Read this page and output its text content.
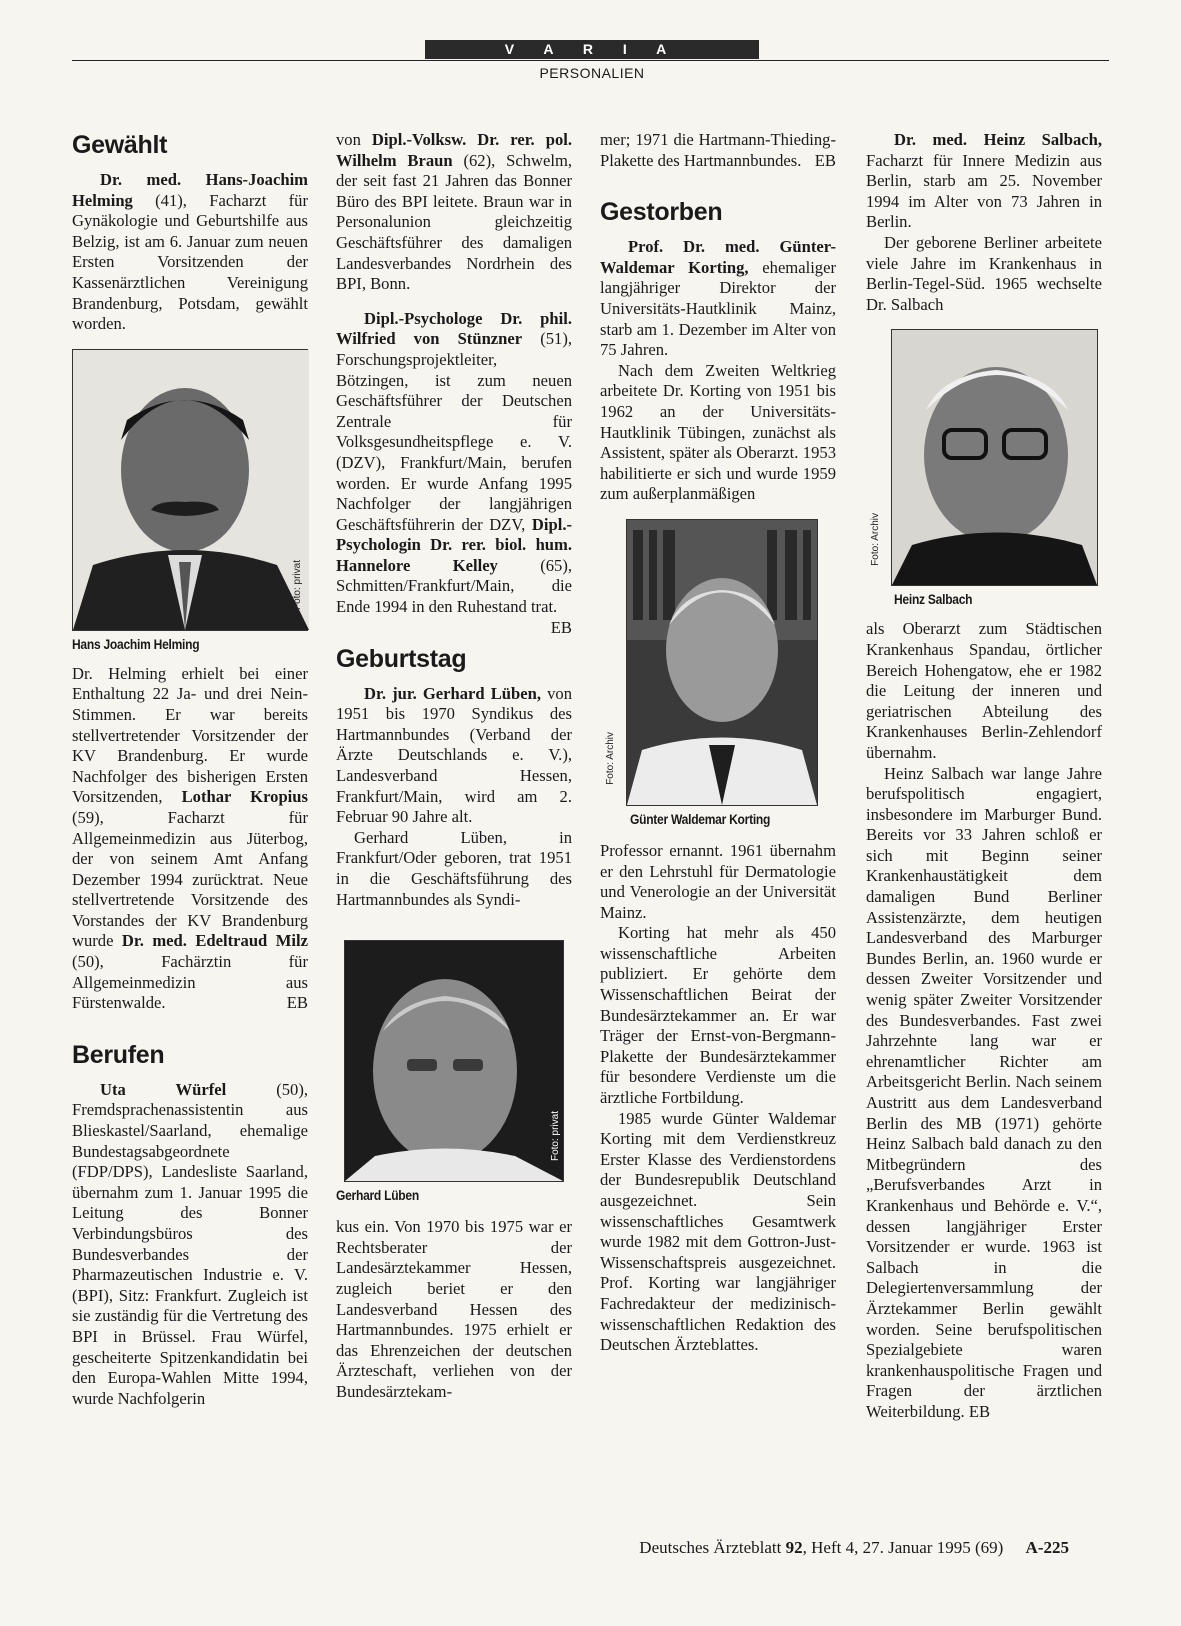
V A R I A
PERSONALIEN
Gewählt

Dr. med. Hans-Joachim Helming (41), Facharzt für Gynäkologie und Geburtshilfe aus Belzig, ist am 6. Januar zum neuen Ersten Vorsitzenden der Kassenärztlichen Vereinigung Brandenburg, Potsdam, gewählt worden.

Foto: privat
Hans Joachim Helming

Dr. Helming erhielt bei einer Enthaltung 22 Ja- und drei Nein-Stimmen. Er war bereits stellvertretender Vorsitzender der KV Brandenburg. Er wurde Nachfolger des bisherigen Ersten Vorsitzenden, Lothar Kropius (59), Facharzt für Allgemeinmedizin aus Jüterbog, der von seinem Amt Anfang Dezember 1994 zurücktrat. Neue stellvertretende Vorsitzende des Vorstandes der KV Brandenburg wurde Dr. med. Edeltraud Milz (50), Fachärztin für Allgemeinmedizin aus Fürstenwalde.	EB

Berufen

Uta Würfel (50), Fremdsprachenassistentin aus Blieskastel/Saarland, ehemalige Bundestagsabgeordnete (FDP/DPS), Landesliste Saarland, übernahm zum 1. Januar 1995 die Leitung des Bonner Verbindungsbüros des Bundesverbandes der Pharmazeutischen Industrie e. V. (BPI), Sitz: Frankfurt. Zugleich ist sie zuständig für die Vertretung des BPI in Brüssel. Frau Würfel, gescheiterte Spitzenkandidatin bei den Europa-Wahlen Mitte 1994, wurde Nachfolgerin

von Dipl.-Volksw. Dr. rer. pol. Wilhelm Braun (62), Schwelm, der seit fast 21 Jahren das Bonner Büro des BPI leitete. Braun war in Personalunion gleichzeitig Geschäftsführer des damaligen Landesverbandes Nordrhein des BPI, Bonn.

Dipl.-Psychologe Dr. phil. Wilfried von Stünzner (51), Forschungsprojektleiter, Bötzingen, ist zum neuen Geschäftsführer der Deutschen Zentrale für Volksgesundheitspflege e. V. (DZV), Frankfurt/Main, berufen worden. Er wurde Anfang 1995 Nachfolger der langjährigen Geschäftsführerin der DZV, Dipl.-Psychologin Dr. rer. biol. hum. Hannelore Kelley (65), Schmitten/Frankfurt/Main, die Ende 1994 in den Ruhestand trat.
EB

Geburtstag

Dr. jur. Gerhard Lüben, von 1951 bis 1970 Syndikus des Hartmannbundes (Verband der Ärzte Deutschlands e. V.), Landesverband Hessen, Frankfurt/Main, wird am 2. Februar 90 Jahre alt.

Gerhard Lüben, in Frankfurt/Oder geboren, trat 1951 in die Geschäftsführung des Hartmannbundes als Syndi-

Foto: privat
Gerhard Lüben

kus ein. Von 1970 bis 1975 war er Rechtsberater der Landesärztekammer Hessen, zugleich beriet er den Landesverband Hessen des Hartmannbundes. 1975 erhielt er das Ehrenzeichen der deutschen Ärzteschaft, verliehen von der Bundesärztekam-

mer; 1971 die Hartmann-Thieding-Plakette des Hartmannbundes. EB

Gestorben

Prof. Dr. med. Günter-Waldemar Korting, ehemaliger langjähriger Direktor der Universitäts-Hautklinik Mainz, starb am 1. Dezember im Alter von 75 Jahren.

Nach dem Zweiten Weltkrieg arbeitete Dr. Korting von 1951 bis 1962 an der Universitäts-Hautklinik Tübingen, zunächst als Assistent, später als Oberarzt. 1953 habilitierte er sich und wurde 1959 zum außerplanmäßigen

Foto: Archiv
Günter Waldemar Korting

Professor ernannt. 1961 übernahm er den Lehrstuhl für Dermatologie und Venerologie an der Universität Mainz.

Korting hat mehr als 450 wissenschaftliche Arbeiten publiziert. Er gehörte dem Wissenschaftlichen Beirat der Bundesärztekammer an. Er war Träger der Ernst-von-Bergmann-Plakette der Bundesärztekammer für besondere Verdienste um die ärztliche Fortbildung.

1985 wurde Günter Waldemar Korting mit dem Verdienstkreuz Erster Klasse des Verdienstordens der Bundesrepublik Deutschland ausgezeichnet. Sein wissenschaftliches Gesamtwerk wurde 1982 mit dem Gottron-Just-Wissenschaftspreis ausgezeichnet. Prof. Korting war langjähriger Fachredakteur der medizinisch-wissenschaftlichen Redaktion des Deutschen Ärzteblattes.

Dr. med. Heinz Salbach, Facharzt für Innere Medizin aus Berlin, starb am 25. November 1994 im Alter von 73 Jahren in Berlin.

Der geborene Berliner arbeitete viele Jahre im Krankenhaus in Berlin-Tegel-Süd. 1965 wechselte Dr. Salbach

Foto: Archiv
Heinz Salbach

als Oberarzt zum Städtischen Krankenhaus Spandau, örtlicher Bereich Hohengatow, ehe er 1982 die Leitung der inneren und geriatrischen Abteilung des Krankenhauses Berlin-Zehlendorf übernahm.

Heinz Salbach war lange Jahre berufspolitisch engagiert, insbesondere im Marburger Bund. Bereits vor 33 Jahren schloß er sich mit Beginn seiner Krankenhaustätigkeit dem damaligen Bund Berliner Assistenzärzte, dem heutigen Landesverband des Marburger Bundes Berlin, an. 1960 wurde er dessen Zweiter Vorsitzender und wenig später Zweiter Vorsitzender des Bundesverbandes. Fast zwei Jahrzehnte lang war er ehrenamtlicher Richter am Arbeitsgericht Berlin. Nach seinem Austritt aus dem Landesverband Berlin des MB (1971) gehörte Heinz Salbach bald danach zu den Mitbegründern des „Berufsverbandes Arzt in Krankenhaus und Behörde e. V.“, dessen langjähriger Erster Vorsitzender er wurde. 1963 ist Salbach in die Delegiertenversammlung der Ärztekammer Berlin gewählt worden. Seine berufspolitischen Spezialgebiete waren krankenhauspolitische Fragen und Fragen der ärztlichen Weiterbildung. EB

Deutsches Ärzteblatt 92, Heft 4, 27. Januar 1995 (69) A-225
